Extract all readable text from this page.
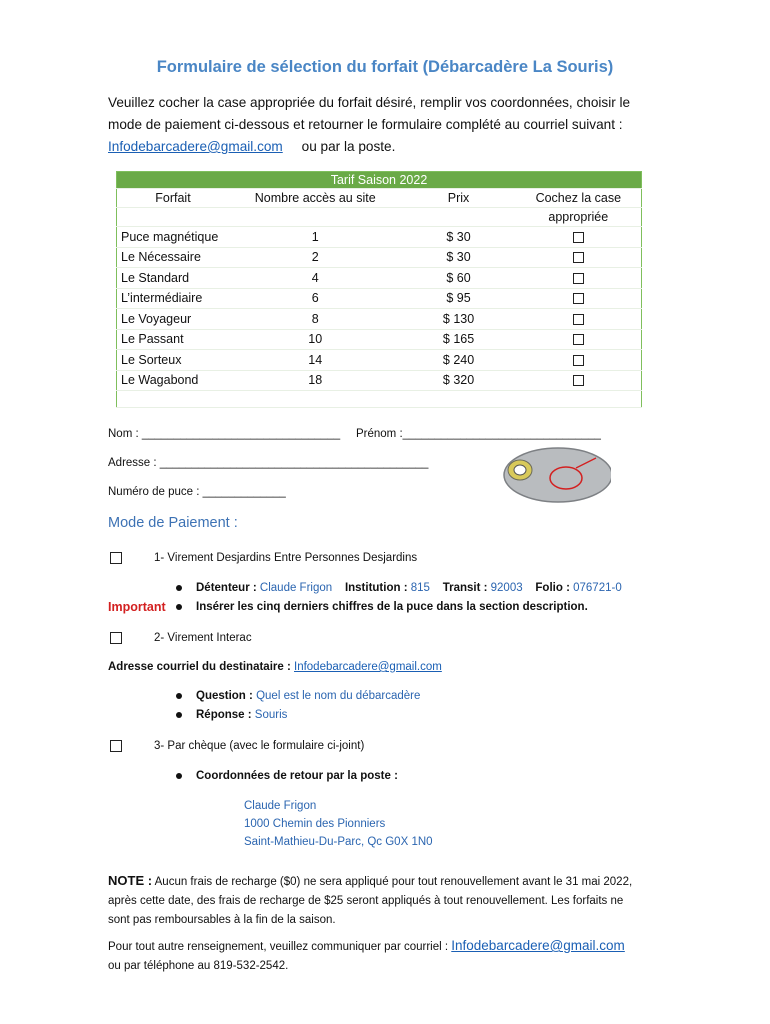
Formulaire de sélection du forfait (Débarcadère La Souris)
Veuillez cocher la case appropriée du forfait désiré, remplir vos coordonnées, choisir le
mode de paiement ci-dessous et retourner le formulaire complété au courriel suivant :
Infodebarcadere@gmail.com ou par la poste.
Tarif Saison 2022			
Forfait	Nombre accès au site	Prix	Cochez la case

			appropriée
Puce magnétique	1	$ 30	
Le Nécessaire	2	$ 30	
Le Standard	4	$ 60	
L’intermédiaire	6	$ 95	
Le Voyageur	8	$ 130	
Le Passant	10	$ 165	
Le Sorteux	14	$ 240	
Le Wagabond	18	$ 320	

Nom : _______________________________ Prénom :_______________________________
Adresse : __________________________________________
Numéro de puce : _____________
Mode de Paiement :
1- Virement Desjardins Entre Personnes Desjardins
Détenteur : Claude Frigon Institution : 815 Transit : 92003 Folio : 076721-0
Important	Insérer les cinq derniers chiffres de la puce dans la section description.
2- Virement Interac
Adresse courriel du destinataire : Infodebarcadere@gmail.com
Question : Quel est le nom du débarcadère
Réponse : Souris
3- Par chèque (avec le formulaire ci-joint)
Coordonnées de retour par la poste :
Claude Frigon
1000 Chemin des Pionniers
Saint-Mathieu-Du-Parc, Qc G0X 1N0
NOTE : Aucun frais de recharge ($0) ne sera appliqué pour tout renouvellement avant le 31 mai 2022,
après cette date, des frais de recharge de $25 seront appliqués à tout renouvellement. Les forfaits ne
sont pas remboursables à la fin de la saison.
Pour tout autre renseignement, veuillez communiquer par courriel : Infodebarcadere@gmail.com
ou par téléphone au 819-532-2542.
